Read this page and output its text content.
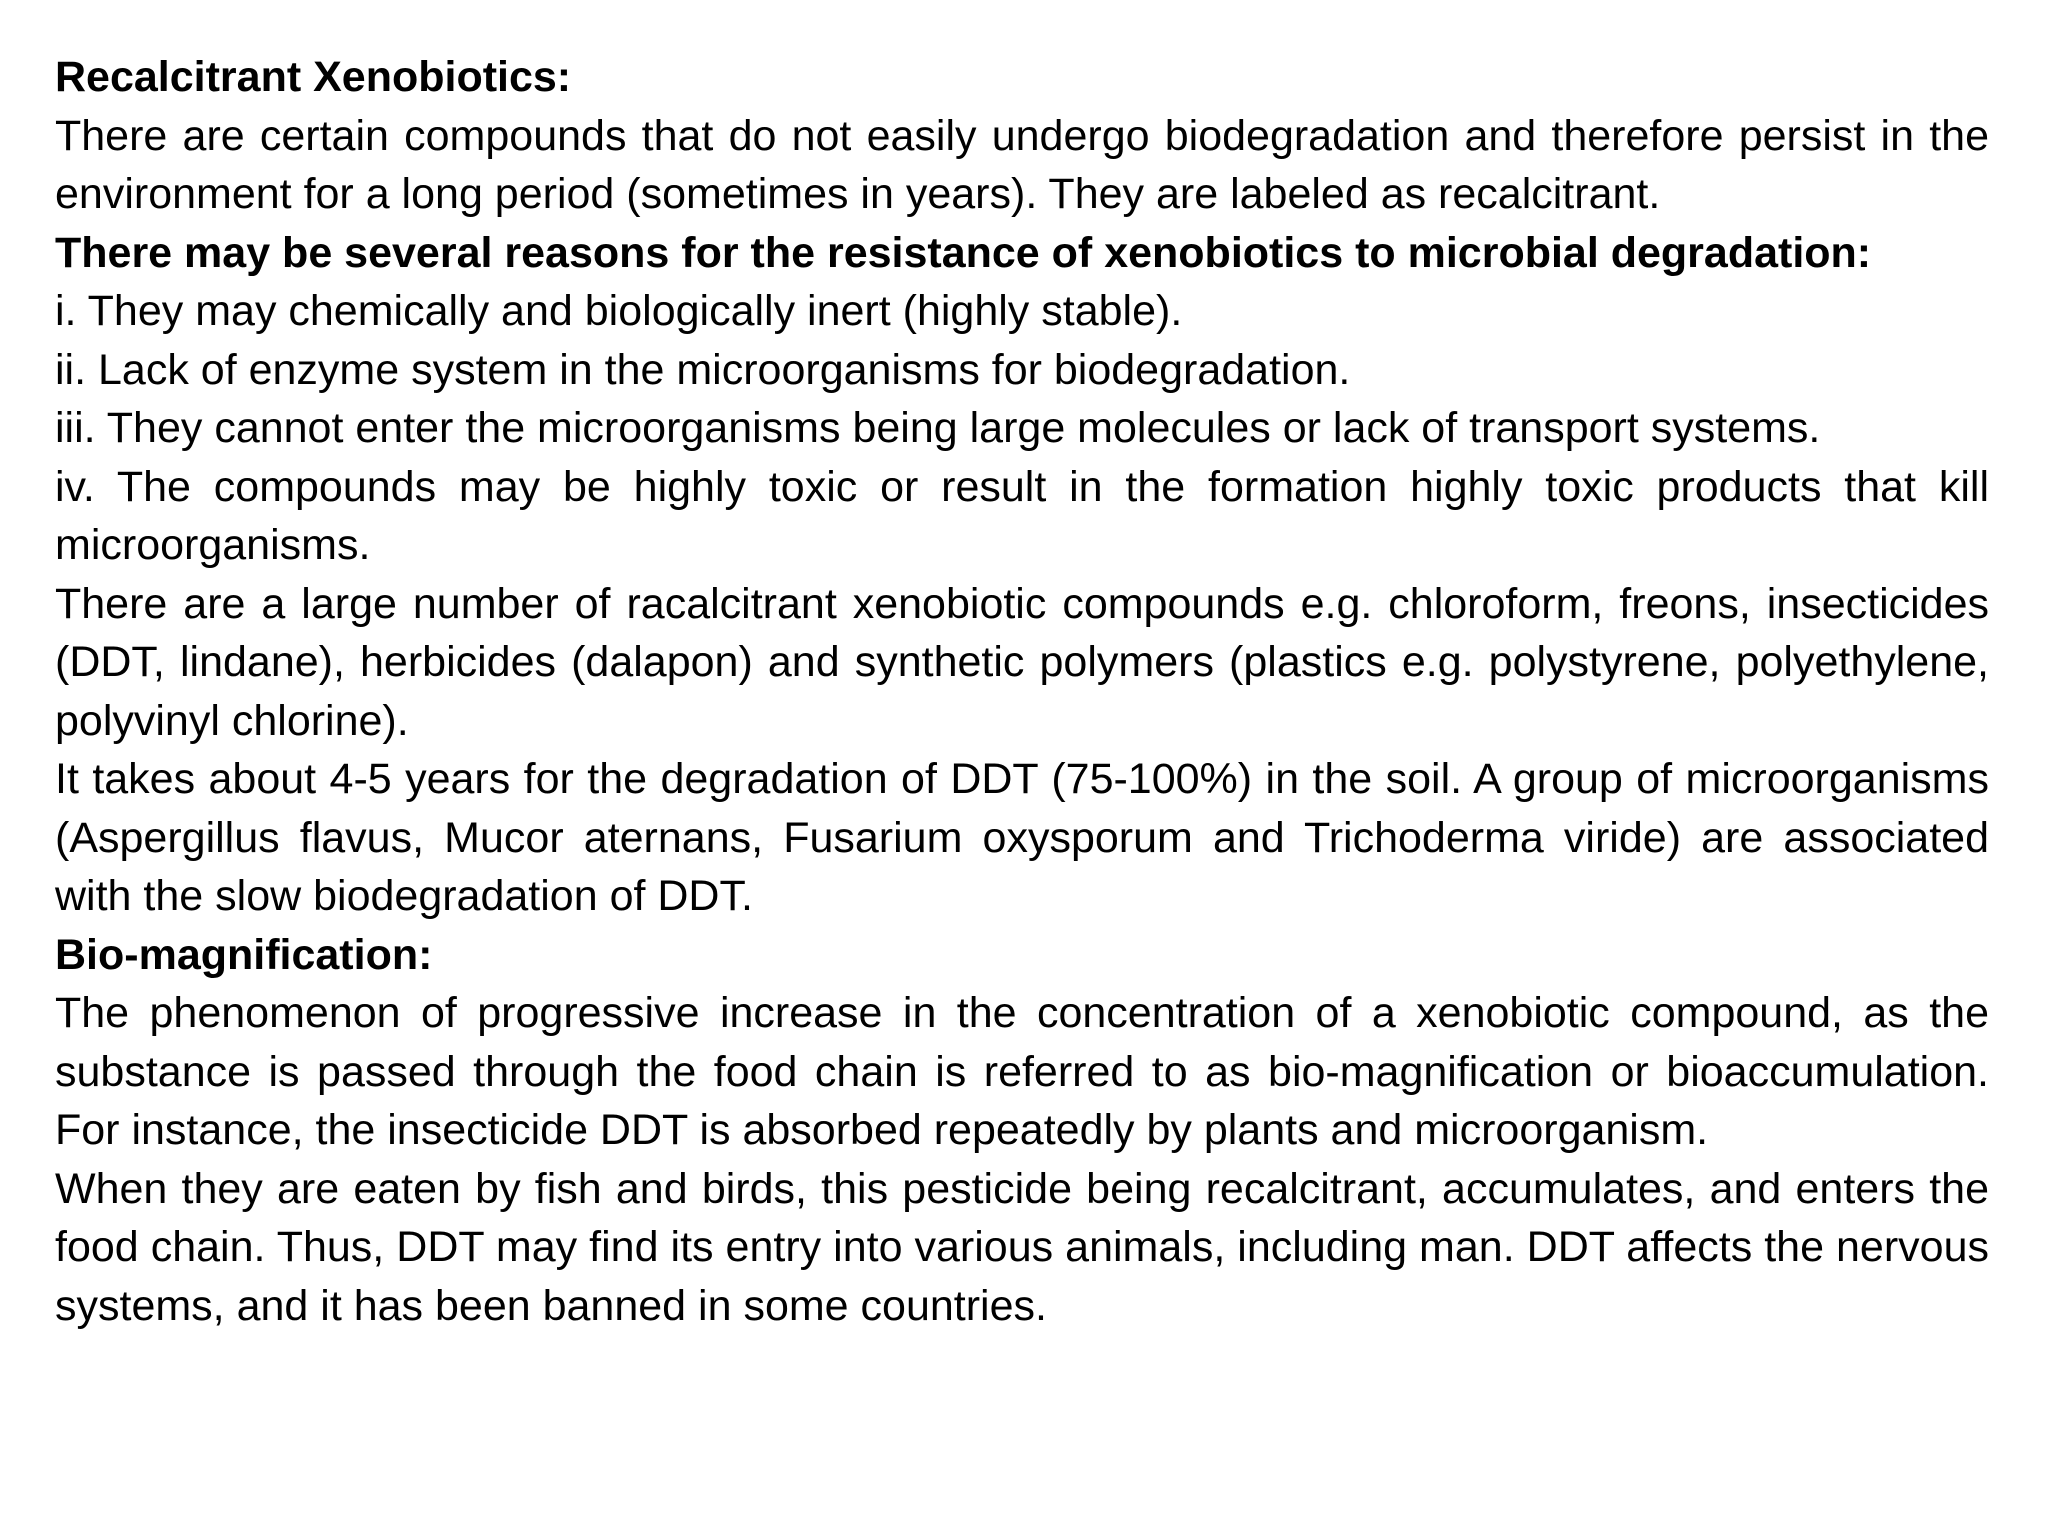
Recalcitrant Xenobiotics:

There are certain compounds that do not easily undergo biodegradation and therefore persist in the environment for a long period (sometimes in years). They are labeled as recalcitrant.

There may be several reasons for the resistance of xenobiotics to microbial degradation:

i. They may chemically and biologically inert (highly stable).

ii. Lack of enzyme system in the microorganisms for biodegradation.

iii. They cannot enter the microorganisms being large molecules or lack of transport systems.

iv. The compounds may be highly toxic or result in the formation highly toxic products that kill microorganisms.

There are a large number of racalcitrant xenobiotic compounds e.g. chloroform, freons, insecticides (DDT, lindane), herbicides (dalapon) and synthetic polymers (plastics e.g. polystyrene, polyethylene, polyvinyl chlorine).

It takes about 4-5 years for the degradation of DDT (75-100%) in the soil. A group of microorganisms (Aspergillus flavus, Mucor aternans, Fusarium oxysporum and Trichoderma viride) are associated with the slow biodegradation of DDT.

Bio-magnification:

The phenomenon of progressive increase in the concentration of a xenobiotic compound, as the substance is passed through the food chain is referred to as bio-magnification or bioaccumulation. For instance, the insecticide DDT is absorbed repeatedly by plants and microorganism.

When they are eaten by fish and birds, this pesticide being recalcitrant, accumulates, and enters the food chain. Thus, DDT may find its entry into various animals, including man. DDT affects the nervous systems, and it has been banned in some countries.
